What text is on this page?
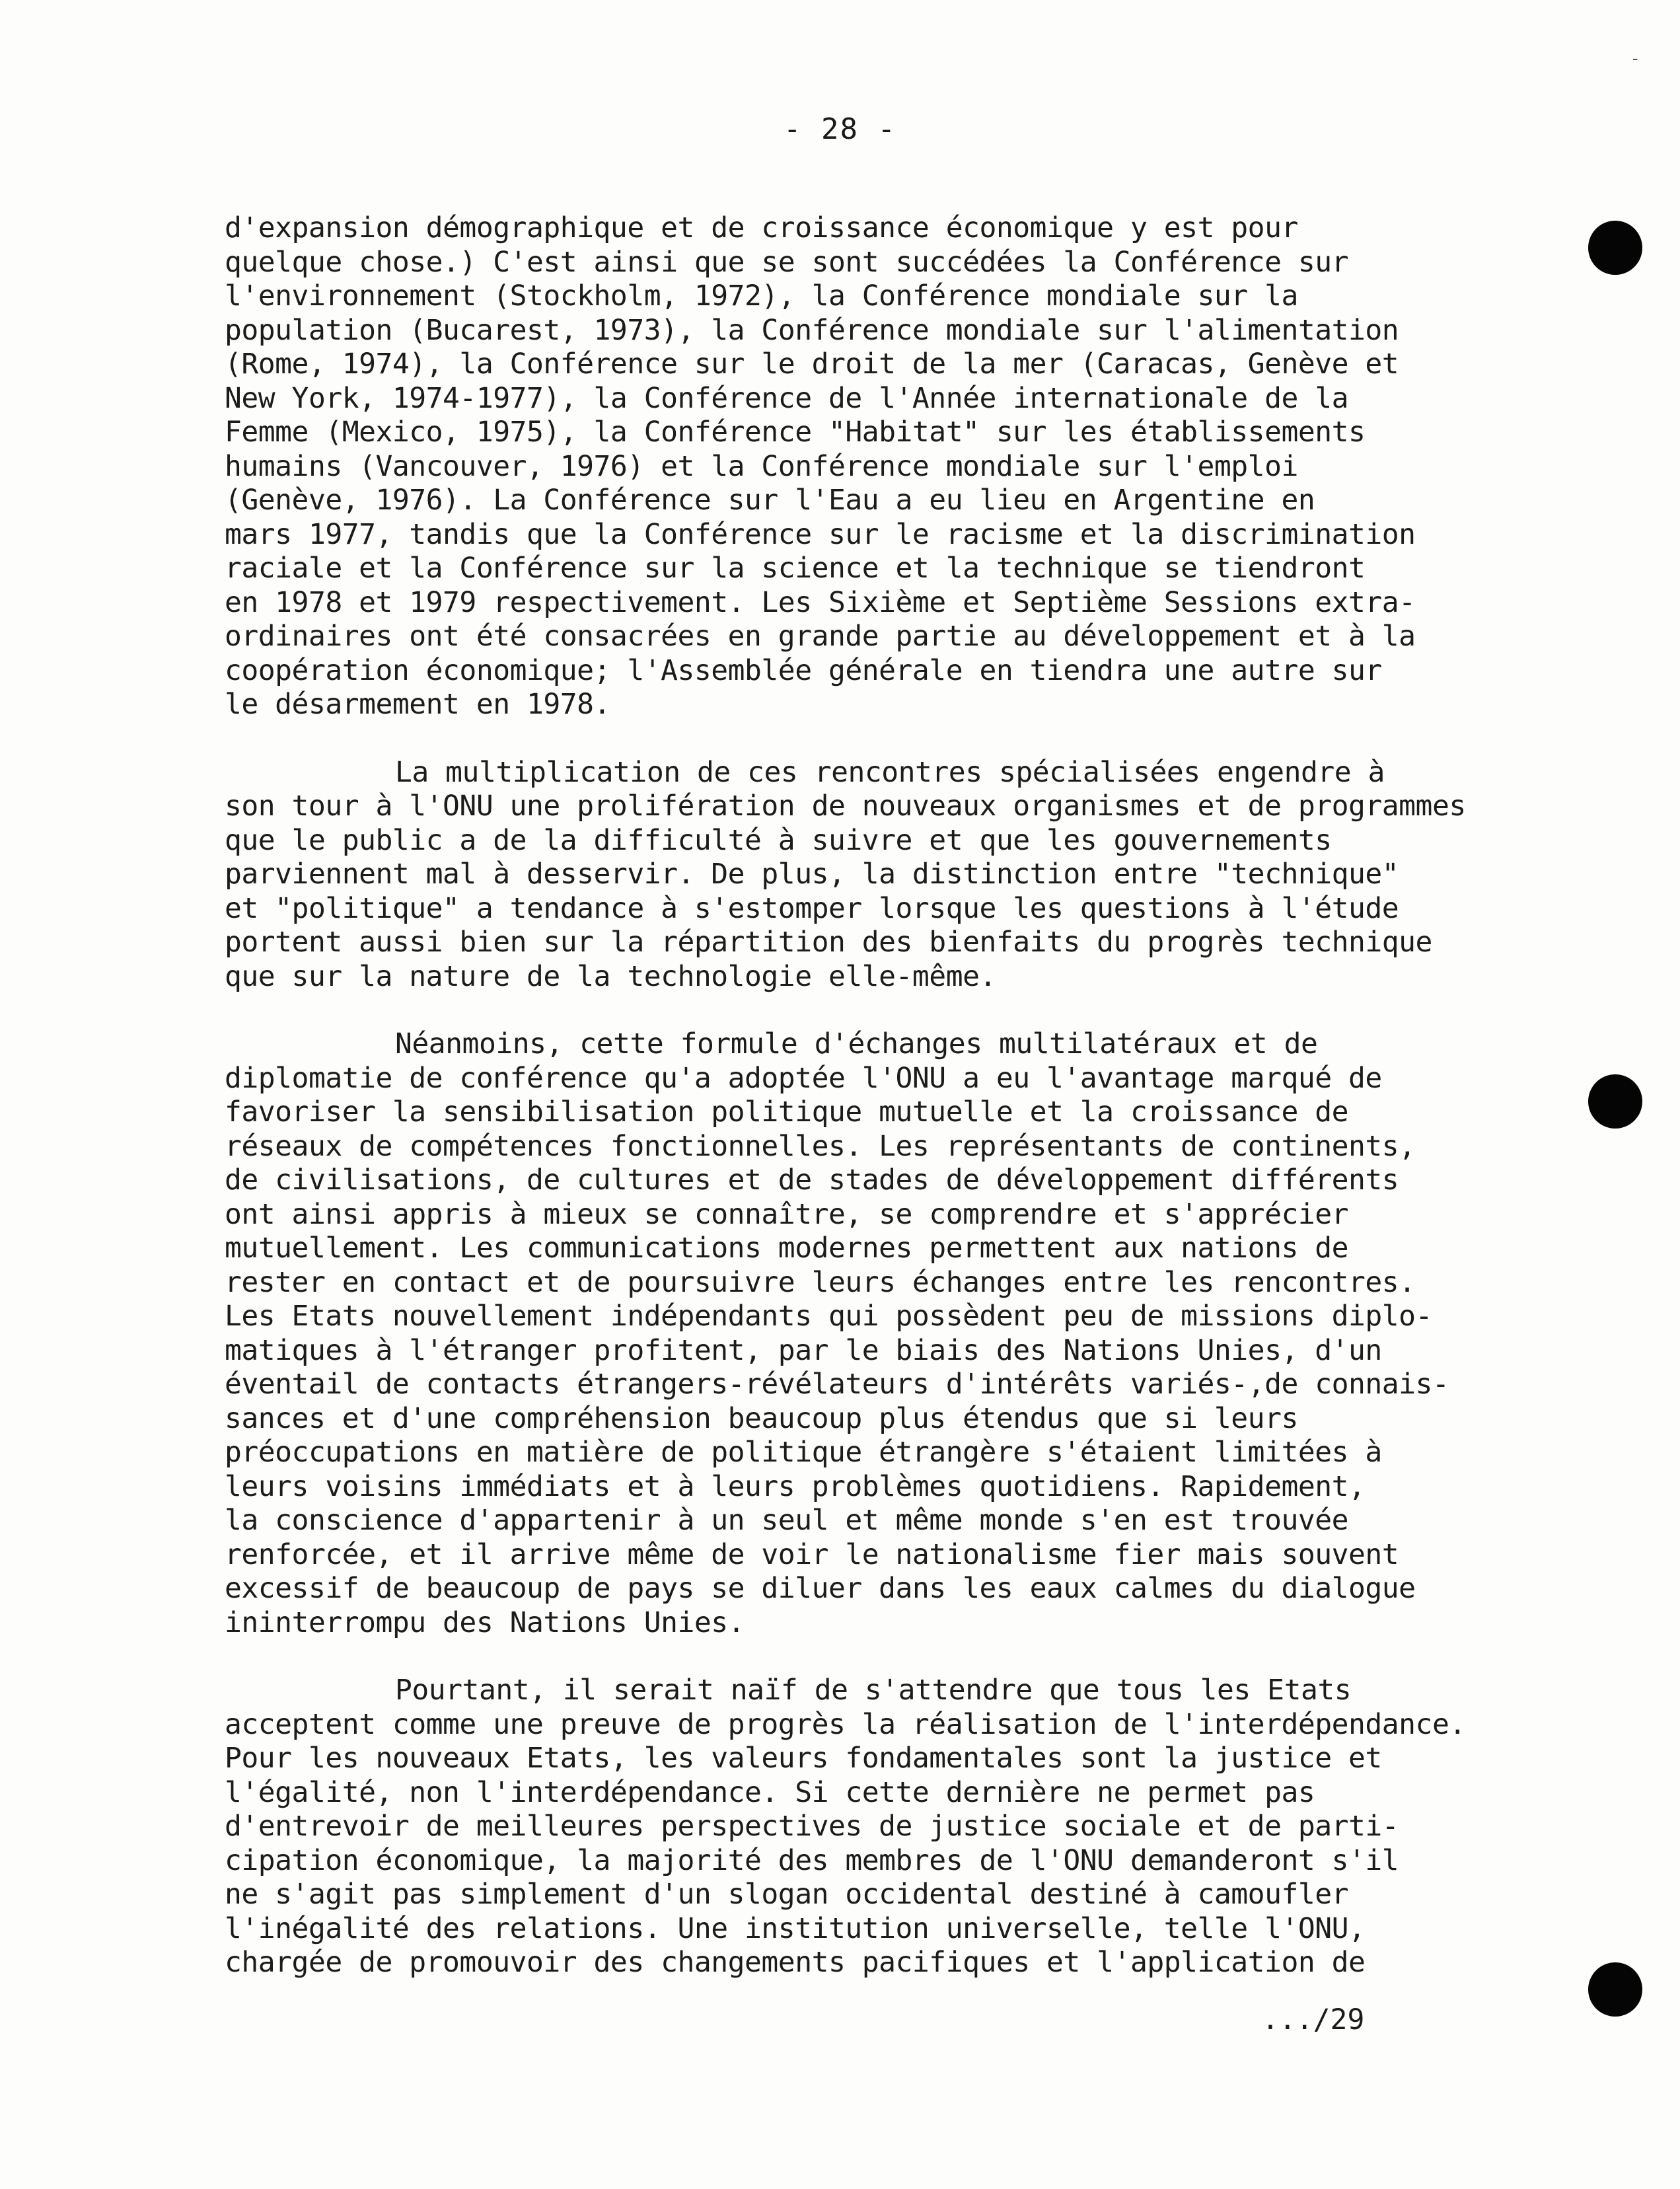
-
- 28 -
d'expansion démographique et de croissance économique y est pour
quelque chose.) C'est ainsi que se sont succédées la Conférence sur
l'environnement (Stockholm, 1972), la Conférence mondiale sur la
population (Bucarest, 1973), la Conférence mondiale sur l'alimentation
(Rome, 1974), la Conférence sur le droit de la mer (Caracas, Genève et
New York, 1974-1977), la Conférence de l'Année internationale de la
Femme (Mexico, 1975), la Conférence "Habitat" sur les établissements
humains (Vancouver, 1976) et la Conférence mondiale sur l'emploi
(Genève, 1976). La Conférence sur l'Eau a eu lieu en Argentine en
mars 1977, tandis que la Conférence sur le racisme et la discrimination
raciale et la Conférence sur la science et la technique se tiendront
en 1978 et 1979 respectivement. Les Sixième et Septième Sessions extra-
ordinaires ont été consacrées en grande partie au développement et à la
coopération économique; l'Assemblée générale en tiendra une autre sur
le désarmement en 1978.
La multiplication de ces rencontres spécialisées engendre à
son tour à l'ONU une prolifération de nouveaux organismes et de programmes
que le public a de la difficulté à suivre et que les gouvernements
parviennent mal à desservir. De plus, la distinction entre "technique"
et "politique" a tendance à s'estomper lorsque les questions à l'étude
portent aussi bien sur la répartition des bienfaits du progrès technique
que sur la nature de la technologie elle-même.
Néanmoins, cette formule d'échanges multilatéraux et de
diplomatie de conférence qu'a adoptée l'ONU a eu l'avantage marqué de
favoriser la sensibilisation politique mutuelle et la croissance de
réseaux de compétences fonctionnelles. Les représentants de continents,
de civilisations, de cultures et de stades de développement différents
ont ainsi appris à mieux se connaître, se comprendre et s'apprécier
mutuellement. Les communications modernes permettent aux nations de
rester en contact et de poursuivre leurs échanges entre les rencontres.
Les Etats nouvellement indépendants qui possèdent peu de missions diplo-
matiques à l'étranger profitent, par le biais des Nations Unies, d'un
éventail de contacts étrangers-révélateurs d'intérêts variés-,de connais-
sances et d'une compréhension beaucoup plus étendus que si leurs
préoccupations en matière de politique étrangère s'étaient limitées à
leurs voisins immédiats et à leurs problèmes quotidiens. Rapidement,
la conscience d'appartenir à un seul et même monde s'en est trouvée
renforcée, et il arrive même de voir le nationalisme fier mais souvent
excessif de beaucoup de pays se diluer dans les eaux calmes du dialogue
ininterrompu des Nations Unies.
Pourtant, il serait naïf de s'attendre que tous les Etats
acceptent comme une preuve de progrès la réalisation de l'interdépendance.
Pour les nouveaux Etats, les valeurs fondamentales sont la justice et
l'égalité, non l'interdépendance. Si cette dernière ne permet pas
d'entrevoir de meilleures perspectives de justice sociale et de parti-
cipation économique, la majorité des membres de l'ONU demanderont s'il
ne s'agit pas simplement d'un slogan occidental destiné à camoufler
l'inégalité des relations. Une institution universelle, telle l'ONU,
chargée de promouvoir des changements pacifiques et l'application de
.../29
